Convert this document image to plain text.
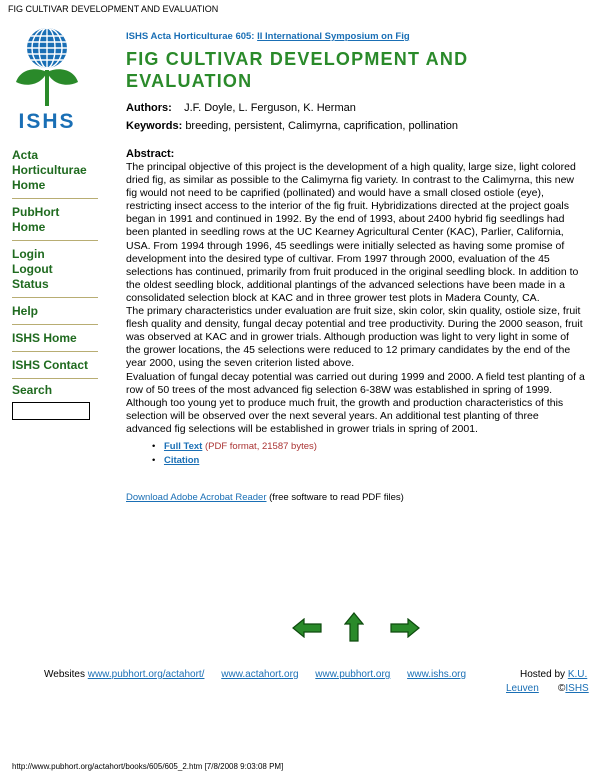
FIG CULTIVAR DEVELOPMENT AND EVALUATION
ISHS
Acta
Horticulturae
Home
PubHort
Home
Login
Logout
Status
Help
ISHS Home
ISHS Contact
Search
ISHS Acta Horticulturae 605: II International Symposium on Fig
FIG CULTIVAR DEVELOPMENT AND
EVALUATION
Authors: J.F. Doyle, L. Ferguson, K. Herman
Keywords: breeding, persistent, Calimyrna, caprification, pollination
Abstract:

The principal objective of this project is the development of a high quality, large size, light colored dried fig, as similar as possible to the Calimyrna fig variety. In contrast to the Calimyrna, this new fig would not need to be caprified (pollinated) and would have a small closed ostiole (eye), restricting insect access to the interior of the fig fruit. Hybridizations directed at the project goals began in 1991 and continued in 1992. By the end of 1993, about 2400 hybrid fig seedlings had been planted in seedling rows at the UC Kearney Agricultural Center (KAC), Parlier, California, USA. From 1994 through 1996, 45 seedlings were initially selected as having some promise of development into the desired type of cultivar. From 1997 through 2000, evaluation of the 45 selections has continued, primarily from fruit produced in the original seedling block. In addition to the oldest seedling block, additional plantings of the advanced selections have been made in a consolidated selection block at KAC and in three grower test plots in Madera County, CA.

The primary characteristics under evaluation are fruit size, skin color, skin quality, ostiole size, fruit flesh quality and density, fungal decay potential and tree productivity. During the 2000 season, fruit was observed at KAC and in grower trials. Although production was light to very light in some of the grower locations, the 45 selections were reduced to 12 primary candidates by the end of the year 2000, using the seven criterion listed above.

Evaluation of fungal decay potential was carried out during 1999 and 2000. A field test planting of a row of 50 trees of the most advanced fig selection 6-38W was established in spring of 1999. Although too young yet to produce much fruit, the growth and production characteristics of this selection will be observed over the next several years. An additional test planting of three advanced fig selections will be established in grower trials in spring of 2001.

• Full Text (PDF format, 21587 bytes)
• Citation
Download Adobe Acrobat Reader (free software to read PDF files)
Websites www.pubhort.org/actahort/ www.actahort.org www.pubhort.org www.ishs.org	Hosted by K.U.
Leuven ©ISHS
http://www.pubhort.org/actahort/books/605/605_2.htm [7/8/2008 9:03:08 PM]
